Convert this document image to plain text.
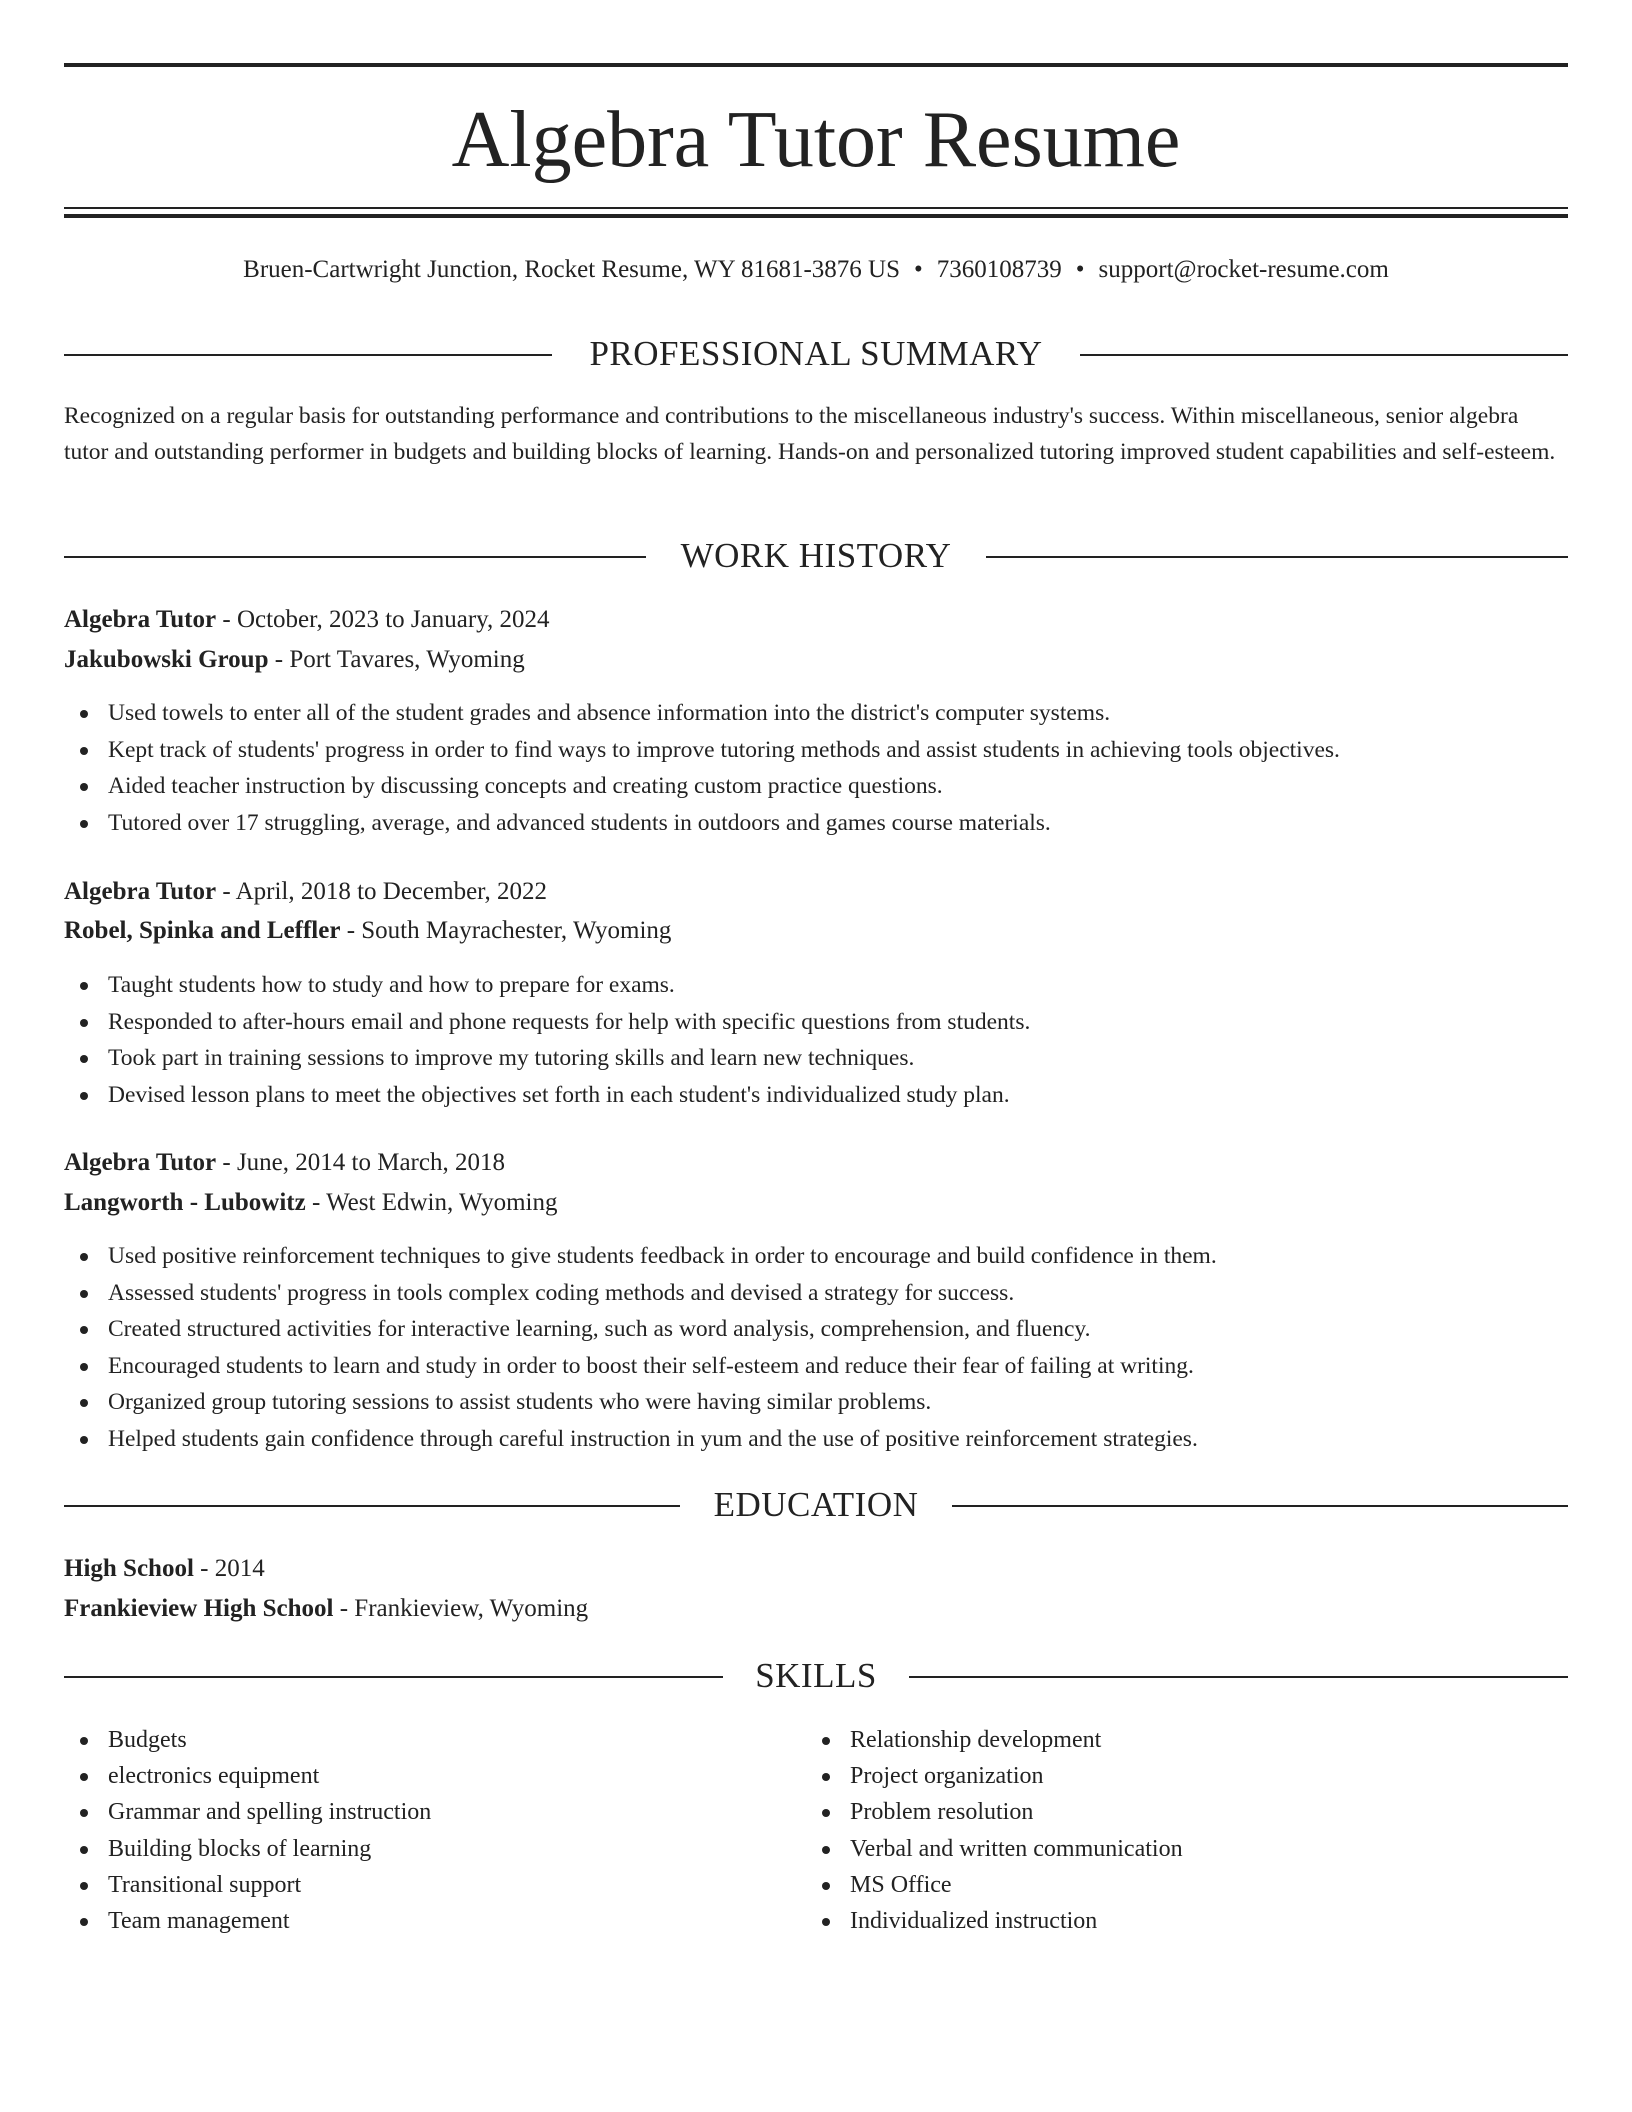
Algebra Tutor Resume
Bruen-Cartwright Junction, Rocket Resume, WY 81681-3876 US • 7360108739 • support@rocket-resume.com
PROFESSIONAL SUMMARY

Recognized on a regular basis for outstanding performance and contributions to the miscellaneous industry's success. Within miscellaneous, senior algebra tutor and outstanding performer in budgets and building blocks of learning. Hands-on and personalized tutoring improved student capabilities and self-esteem.

WORK HISTORY
Algebra Tutor - October, 2023 to January, 2024
Jakubowski Group - Port Tavares, Wyoming
Used towels to enter all of the student grades and absence information into the district's computer systems.
Kept track of students' progress in order to find ways to improve tutoring methods and assist students in achieving tools objectives.
Aided teacher instruction by discussing concepts and creating custom practice questions.
Tutored over 17 struggling, average, and advanced students in outdoors and games course materials.
Algebra Tutor - April, 2018 to December, 2022
Robel, Spinka and Leffler - South Mayrachester, Wyoming
Taught students how to study and how to prepare for exams.
Responded to after-hours email and phone requests for help with specific questions from students.
Took part in training sessions to improve my tutoring skills and learn new techniques.
Devised lesson plans to meet the objectives set forth in each student's individualized study plan.
Algebra Tutor - June, 2014 to March, 2018
Langworth - Lubowitz - West Edwin, Wyoming
Used positive reinforcement techniques to give students feedback in order to encourage and build confidence in them.
Assessed students' progress in tools complex coding methods and devised a strategy for success.
Created structured activities for interactive learning, such as word analysis, comprehension, and fluency.
Encouraged students to learn and study in order to boost their self-esteem and reduce their fear of failing at writing.
Organized group tutoring sessions to assist students who were having similar problems.
Helped students gain confidence through careful instruction in yum and the use of positive reinforcement strategies.
EDUCATION
High School - 2014
Frankieview High School - Frankieview, Wyoming
SKILLS
Budgets
electronics equipment
Grammar and spelling instruction
Building blocks of learning
Transitional support
Team management
Relationship development
Project organization
Problem resolution
Verbal and written communication
MS Office
Individualized instruction
